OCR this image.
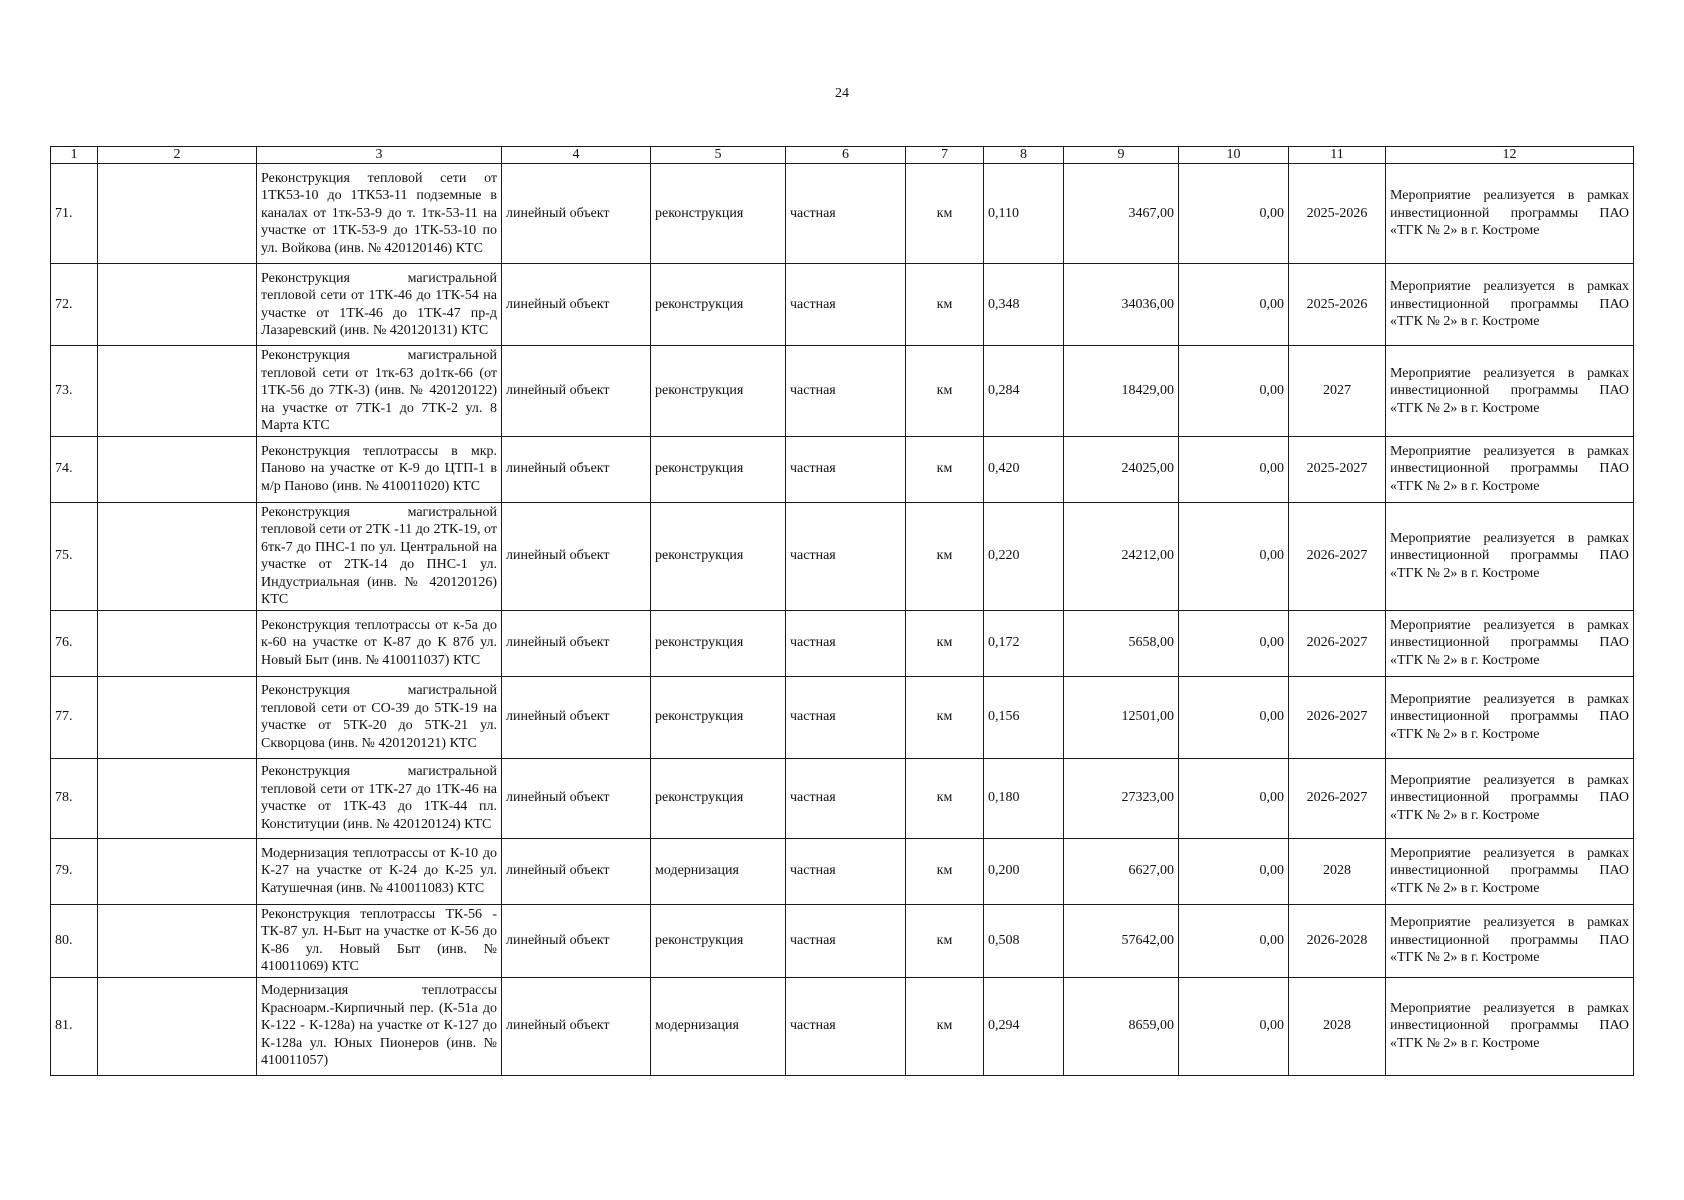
24
1	2	3	4	5	6	7	8	9	10	11	12
71.		Реконструкция тепловой сети от 1ТК53-10 до 1ТК53-11 подземные в каналах от 1тк-53-9 до т. 1тк-53-11 на участке от 1ТК-53-9 до 1ТК-53-10 по ул. Войкова (инв. № 420120146) КТС	линейный объект	реконструкция	частная	км	0,110	3467,00	0,00	2025-2026	Мероприятие реализуется в рамках инвестиционной программы ПАО «ТГК № 2» в г. Костроме
72.		Реконструкция магистральной тепловой сети от 1ТК-46 до 1ТК-54 на участке от 1ТК-46 до 1ТК-47 пр-д Лазаревский (инв. № 420120131) КТС	линейный объект	реконструкция	частная	км	0,348	34036,00	0,00	2025-2026	Мероприятие реализуется в рамках инвестиционной программы ПАО «ТГК № 2» в г. Костроме
73.		Реконструкция магистральной тепловой сети от 1тк-63 до1тк-66 (от 1ТК-56 до 7ТК-3) (инв. № 420120122) на участке от 7ТК-1 до 7ТК-2 ул. 8 Марта КТС	линейный объект	реконструкция	частная	км	0,284	18429,00	0,00	2027	Мероприятие реализуется в рамках инвестиционной программы ПАО «ТГК № 2» в г. Костроме
74.		Реконструкция теплотрассы в мкр. Паново на участке от К-9 до ЦТП-1 в м/р Паново (инв. № 410011020) КТС	линейный объект	реконструкция	частная	км	0,420	24025,00	0,00	2025-2027	Мероприятие реализуется в рамках инвестиционной программы ПАО «ТГК № 2» в г. Костроме
75.		Реконструкция магистральной тепловой сети от 2ТК -11 до 2ТК-19, от 6тк-7 до ПНС-1 по ул. Центральной на участке от 2ТК-14 до ПНС-1 ул. Индустриальная (инв. № 420120126) КТС	линейный объект	реконструкция	частная	км	0,220	24212,00	0,00	2026-2027	Мероприятие реализуется в рамках инвестиционной программы ПАО «ТГК № 2» в г. Костроме
76.		Реконструкция теплотрассы от к-5а до к-60 на участке от К-87 до К 87б ул. Новый Быт (инв. № 410011037) КТС	линейный объект	реконструкция	частная	км	0,172	5658,00	0,00	2026-2027	Мероприятие реализуется в рамках инвестиционной программы ПАО «ТГК № 2» в г. Костроме
77.		Реконструкция магистральной тепловой сети от СО-39 до 5ТК-19 на участке от 5ТК-20 до 5ТК-21 ул. Скворцова (инв. № 420120121) КТС	линейный объект	реконструкция	частная	км	0,156	12501,00	0,00	2026-2027	Мероприятие реализуется в рамках инвестиционной программы ПАО «ТГК № 2» в г. Костроме
78.		Реконструкция магистральной тепловой сети от 1ТК-27 до 1ТК-46 на участке от 1ТК-43 до 1ТК-44 пл. Конституции (инв. № 420120124) КТС	линейный объект	реконструкция	частная	км	0,180	27323,00	0,00	2026-2027	Мероприятие реализуется в рамках инвестиционной программы ПАО «ТГК № 2» в г. Костроме
79.		Модернизация теплотрассы от К-10 до К-27 на участке от К-24 до К-25 ул. Катушечная (инв. № 410011083) КТС	линейный объект	модернизация	частная	км	0,200	6627,00	0,00	2028	Мероприятие реализуется в рамках инвестиционной программы ПАО «ТГК № 2» в г. Костроме
80.		Реконструкция теплотрассы ТК-56 - ТК-87 ул. Н-Быт на участке от К-56 до К-86 ул. Новый Быт (инв. № 410011069) КТС	линейный объект	реконструкция	частная	км	0,508	57642,00	0,00	2026-2028	Мероприятие реализуется в рамках инвестиционной программы ПАО «ТГК № 2» в г. Костроме
81.		Модернизация теплотрассы Красноарм.-Кирпичный пер. (К-51а до К-122 - К-128а) на участке от К-127 до К-128а ул. Юных Пионеров (инв. № 410011057)	линейный объект	модернизация	частная	км	0,294	8659,00	0,00	2028	Мероприятие реализуется в рамках инвестиционной программы ПАО «ТГК № 2» в г. Костроме
